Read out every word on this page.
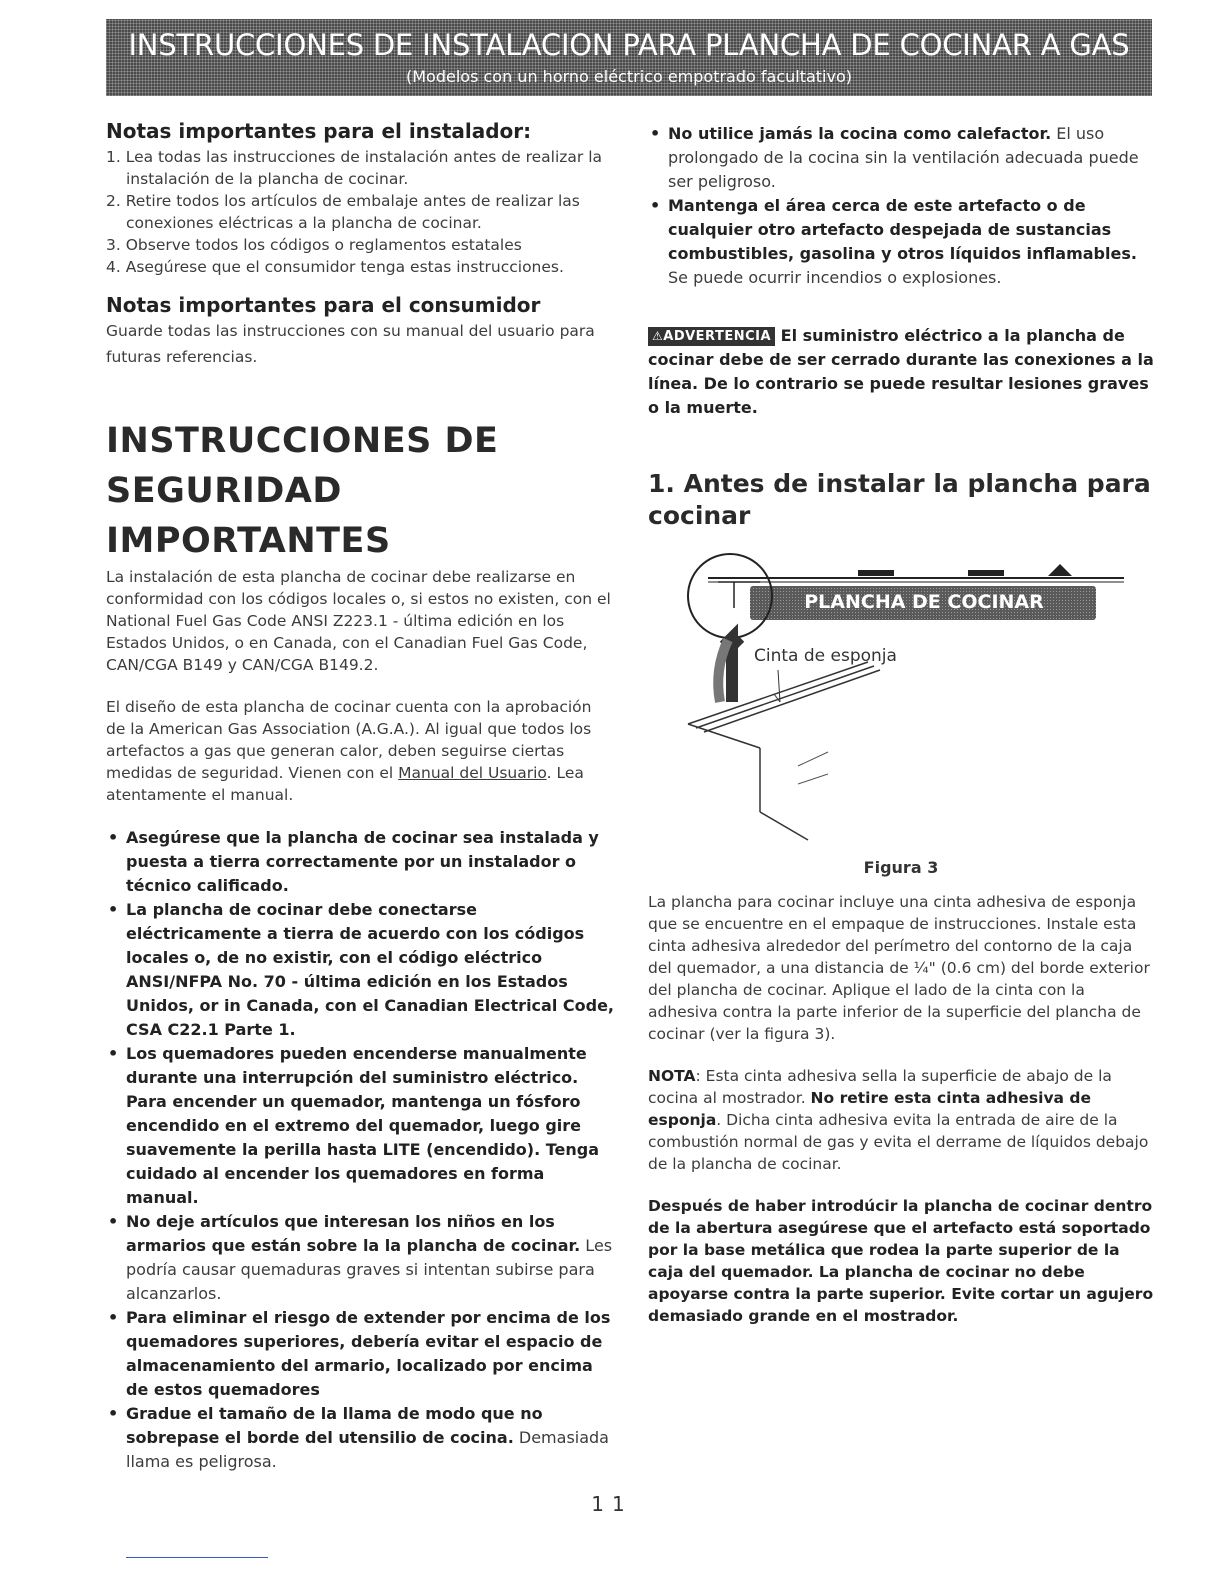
INSTRUCCIONES DE INSTALACION PARA PLANCHA DE COCINAR A GAS
(Modelos con un horno eléctrico empotrado facultativo)
Notas importantes para el instalador:
1. Lea todas las instrucciones de instalación antes de realizar la instalación de la plancha de cocinar.
2. Retire todos los artículos de embalaje antes de realizar las conexiones eléctricas a la plancha de cocinar.
3. Observe todos los códigos o reglamentos estatales
4. Asegúrese que el consumidor tenga estas instrucciones.
Notas importantes para el consumidor

Guarde todas las instrucciones con su manual del usuario para futuras referencias.

INSTRUCCIONES DE
SEGURIDAD IMPORTANTES

La instalación de esta plancha de cocinar debe realizarse en conformidad con los códigos locales o, si estos no existen, con el National Fuel Gas Code ANSI Z223.1 - última edición en los Estados Unidos, o en Canada, con el Canadian Fuel Gas Code, CAN/CGA B149 y CAN/CGA B149.2.

El diseño de esta plancha de cocinar cuenta con la aprobación de la American Gas Association (A.G.A.). Al igual que todos los artefactos a gas que generan calor, deben seguirse ciertas medidas de seguridad. Vienen con el Manual del Usuario. Lea atentamente el manual.

• Asegúrese que la plancha de cocinar sea instalada y puesta a tierra correctamente por un instalador o técnico calificado.
• La plancha de cocinar debe conectarse eléctricamente a tierra de acuerdo con los códigos locales o, de no existir, con el código eléctrico ANSI/NFPA No. 70 - última edición en los Estados Unidos, or in Canada, con el Canadian Electrical Code, CSA C22.1 Parte 1.
• Los quemadores pueden encenderse manualmente durante una interrupción del suministro eléctrico. Para encender un quemador, mantenga un fósforo encendido en el extremo del quemador, luego gire suavemente la perilla hasta LITE (encendido). Tenga cuidado al encender los quemadores en forma manual.
• No deje artículos que interesan los niños en los armarios que están sobre la la plancha de cocinar. Les podría causar quemaduras graves si intentan subirse para alcanzarlos.
• Para eliminar el riesgo de extender por encima de los quemadores superiores, debería evitar el espacio de almacenamiento del armario, localizado por encima de estos quemadores
• Gradue el tamaño de la llama de modo que no sobrepase el borde del utensilio de cocina. Demasiada llama es peligrosa.
• No utilice jamás la cocina como calefactor. El uso prolongado de la cocina sin la ventilación adecuada puede ser peligroso.
• Mantenga el área cerca de este artefacto o de cualquier otro artefacto despejada de sustancias combustibles, gasolina y otros líquidos inflamables. Se puede ocurrir incendios o explosiones.

⚠ADVERTENCIA El suministro eléctrico a la plancha de cocinar debe de ser cerrado durante las conexiones a la línea. De lo contrario se puede resultar lesiones graves o la muerte.

1. Antes de instalar la plancha para cocinar
PLANCHA DE COCINAR
Cinta de esponja
Figura 3

La plancha para cocinar incluye una cinta adhesiva de esponja que se encuentre en el empaque de instrucciones. Instale esta cinta adhesiva alrededor del perímetro del contorno de la caja del quemador, a una distancia de ¼" (0.6 cm) del borde exterior del plancha de cocinar. Aplique el lado de la cinta con la adhesiva contra la parte inferior de la superficie del plancha de cocinar (ver la figura 3).

NOTA: Esta cinta adhesiva sella la superficie de abajo de la cocina al mostrador. No retire esta cinta adhesiva de esponja. Dicha cinta adhesiva evita la entrada de aire de la combustión normal de gas y evita el derrame de líquidos debajo de la plancha de cocinar.

Después de haber introdúcir la plancha de cocinar dentro de la abertura asegúrese que el artefacto está soportado por la base metálica que rodea la parte superior de la caja del quemador. La plancha de cocinar no debe apoyarse contra la parte superior. Evite cortar un agujero demasiado grande en el mostrador.

11
